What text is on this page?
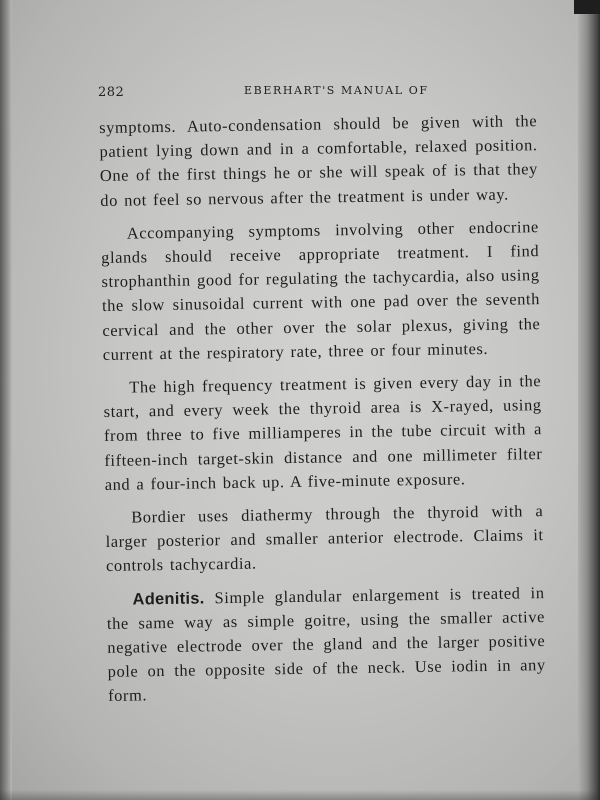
282	EBERHART'S MANUAL OF

symptoms. Auto-condensation should be given with the patient lying down and in a comfortable, relaxed position. One of the first things he or she will speak of is that they do not feel so nervous after the treatment is under way.

Accompanying symptoms involving other endocrine glands should receive appropriate treatment. I find strophanthin good for regulating the tachycardia, also using the slow sinusoidal current with one pad over the seventh cervical and the other over the solar plexus, giving the current at the respiratory rate, three or four minutes.

The high frequency treatment is given every day in the start, and every week the thyroid area is X-rayed, using from three to five milliamperes in the tube circuit with a fifteen-inch target-skin distance and one millimeter filter and a four-inch back up. A five-minute exposure.

Bordier uses diathermy through the thyroid with a larger posterior and smaller anterior electrode. Claims it controls tachycardia.

Adenitis. Simple glandular enlargement is treated in the same way as simple goitre, using the smaller active negative electrode over the gland and the larger positive pole on the opposite side of the neck. Use iodin in any form.
